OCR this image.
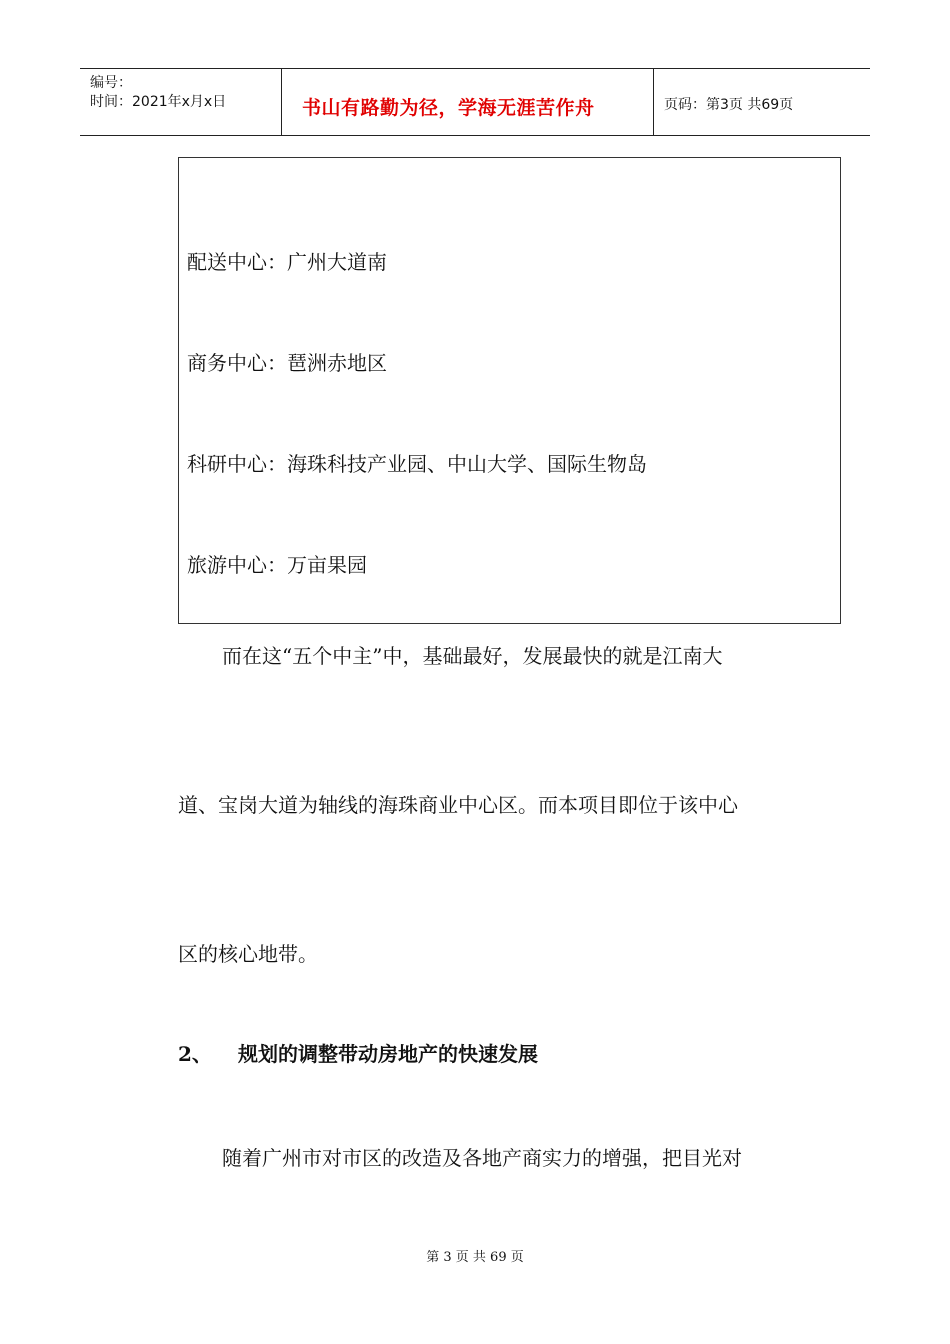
编号：
时间：2021年x月x日	书山有路勤为径，学海无涯苦作舟	页码：第3页 共69页
配送中心：广州大道南
商务中心：琶洲赤地区
科研中心：海珠科技产业园、中山大学、国际生物岛
旅游中心：万亩果园
而在这“五个中主”中，基础最好，发展最快的就是江南大
道、宝岗大道为轴线的海珠商业中心区。而本项目即位于该中心
区的核心地带。
2、 规划的调整带动房地产的快速发展
随着广州市对市区的改造及各地产商实力的增强，把目光对
第 3 页 共 69 页
